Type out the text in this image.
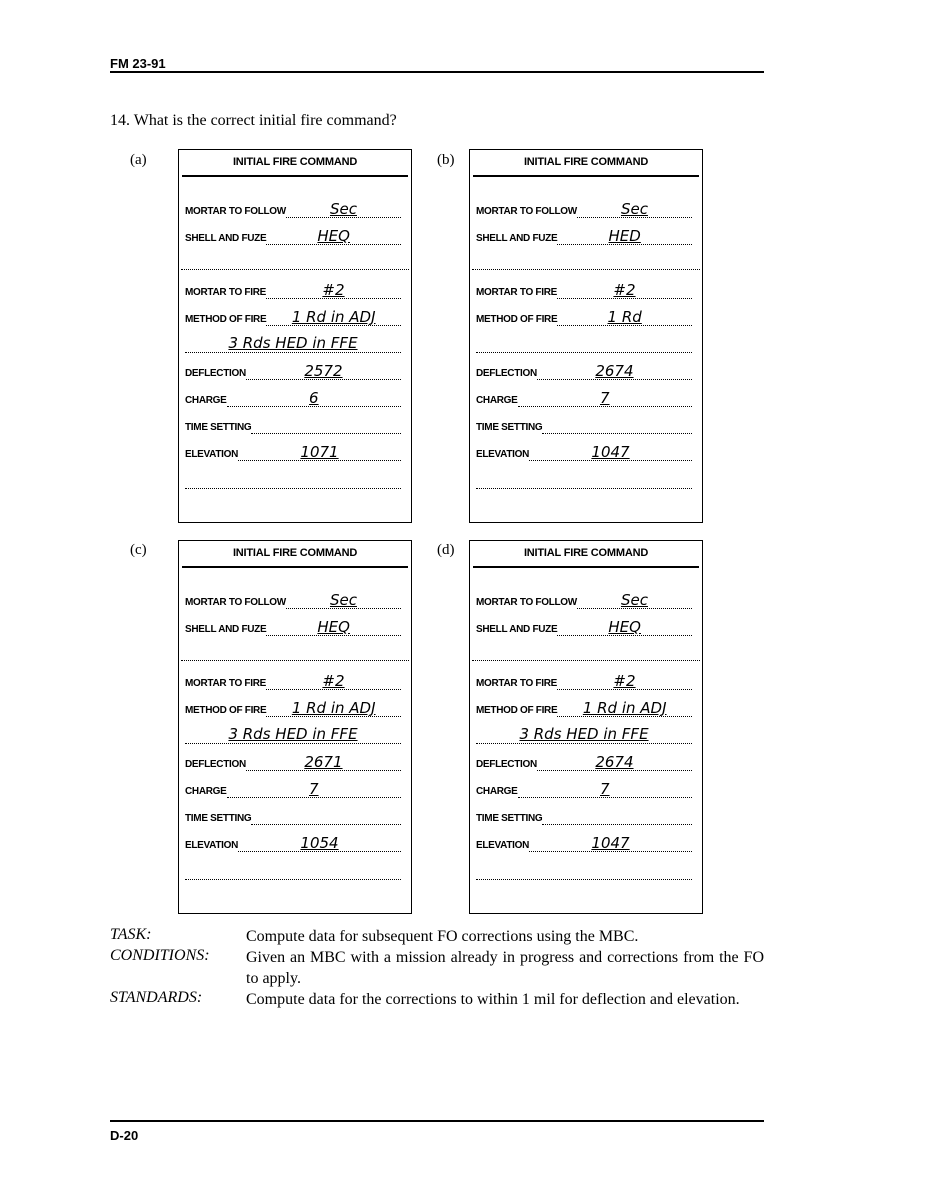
FM 23-91
14. What is the correct initial fire command?
(a)	INITIAL FIRE COMMAND
MORTAR TO FOLLOW	Sec
SHELL AND FUZE	HEQ
MORTAR TO FIRE	#2
METHOD OF FIRE	1 Rd in ADJ
3 Rds HED in FFE
DEFLECTION	2572
CHARGE	6
TIME SETTING
ELEVATION	1071
(b)	INITIAL FIRE COMMAND
MORTAR TO FOLLOW	Sec
SHELL AND FUZE	HED
MORTAR TO FIRE	#2
METHOD OF FIRE	1 Rd
DEFLECTION	2674
CHARGE	7
TIME SETTING
ELEVATION	1047
(c)	INITIAL FIRE COMMAND
MORTAR TO FOLLOW	Sec
SHELL AND FUZE	HEQ
MORTAR TO FIRE	#2
METHOD OF FIRE	1 Rd in ADJ
3 Rds HED in FFE
DEFLECTION	2671
CHARGE	7
TIME SETTING
ELEVATION	1054
(d)	INITIAL FIRE COMMAND
MORTAR TO FOLLOW	Sec
SHELL AND FUZE	HEQ
MORTAR TO FIRE	#2
METHOD OF FIRE	1 Rd in ADJ
3 Rds HED in FFE
DEFLECTION	2674
CHARGE	7
TIME SETTING
ELEVATION	1047
TASK:	Compute data for subsequent FO corrections using the MBC.
CONDITIONS: Given an MBC with a mission already in progress and corrections from the FO to apply.
STANDARDS:	Compute data for the corrections to within 1 mil for deflection and elevation.
D-20
